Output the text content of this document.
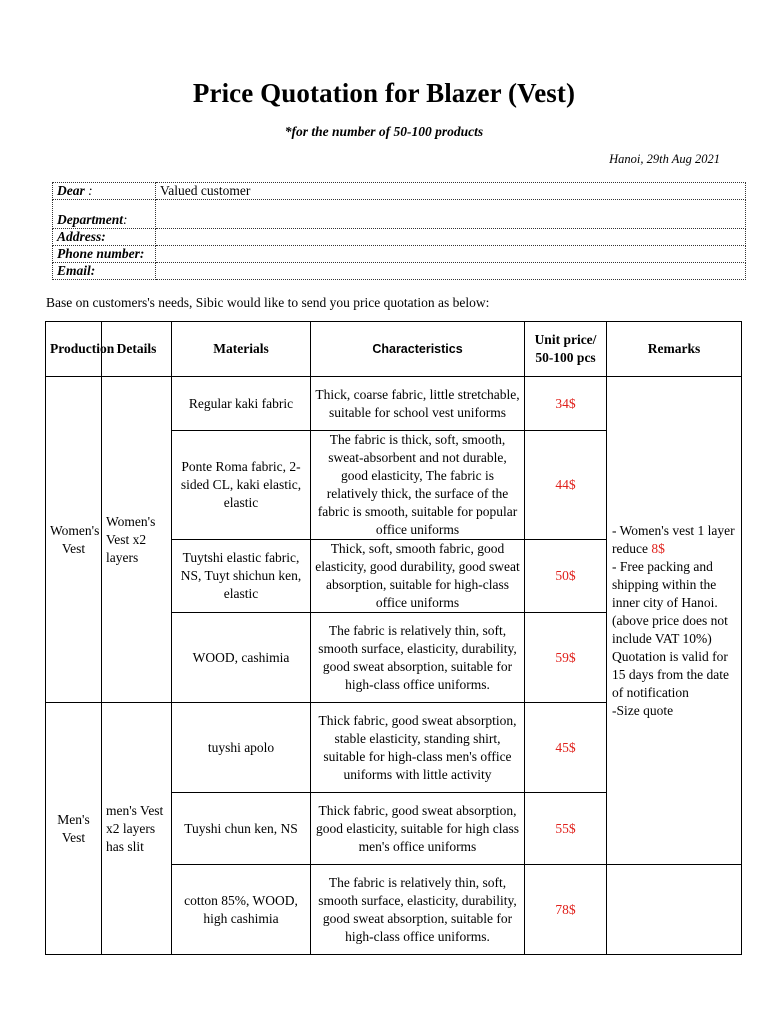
Price Quotation for Blazer (Vest)
*for the number of 50-100 products
Hanoi, 29th Aug 2021
Dear :	Valued customer
Department:	
Address:	
Phone number:	
Email:	
Base on customers's needs, Sibic would like to send you price quotation as below:
Production	Details	Materials	Characteristics	Unit price/ 50-100 pcs	Remarks
Women's Vest	Women's Vest x2 layers	Regular kaki fabric	Thick, coarse fabric, little stretchable, suitable for school vest uniforms	34$	- Women's vest 1 layer reduce 8$
- Free packing and shipping within the inner city of Hanoi.
(above price does not include VAT 10%)
Quotation is valid for 15 days from the date of notification
-Size quote
		Ponte Roma fabric, 2-sided CL, kaki elastic, elastic	The fabric is thick, soft, smooth, sweat-absorbent and not durable, good elasticity, The fabric is relatively thick, the surface of the fabric is smooth, suitable for popular office uniforms	44$	
		Tuytshi elastic fabric, NS, Tuyt shichun ken, elastic	Thick, soft, smooth fabric, good elasticity, good durability, good sweat absorption, suitable for high-class office uniforms	50$	
		WOOD, cashimia	The fabric is relatively thin, soft, smooth surface, elasticity, durability, good sweat absorption, suitable for high-class office uniforms.	59$	
Men's Vest	men's Vest x2 layers has slit	tuyshi apolo	Thick fabric, good sweat absorption, stable elasticity, standing shirt, suitable for high-class men's office uniforms with little activity	45$	
		Tuyshi chun ken, NS	Thick fabric, good sweat absorption, good elasticity, suitable for high class men's office uniforms	55$	
		cotton 85%, WOOD, high cashimia	The fabric is relatively thin, soft, smooth surface, elasticity, durability, good sweat absorption, suitable for high-class office uniforms.	78$	
